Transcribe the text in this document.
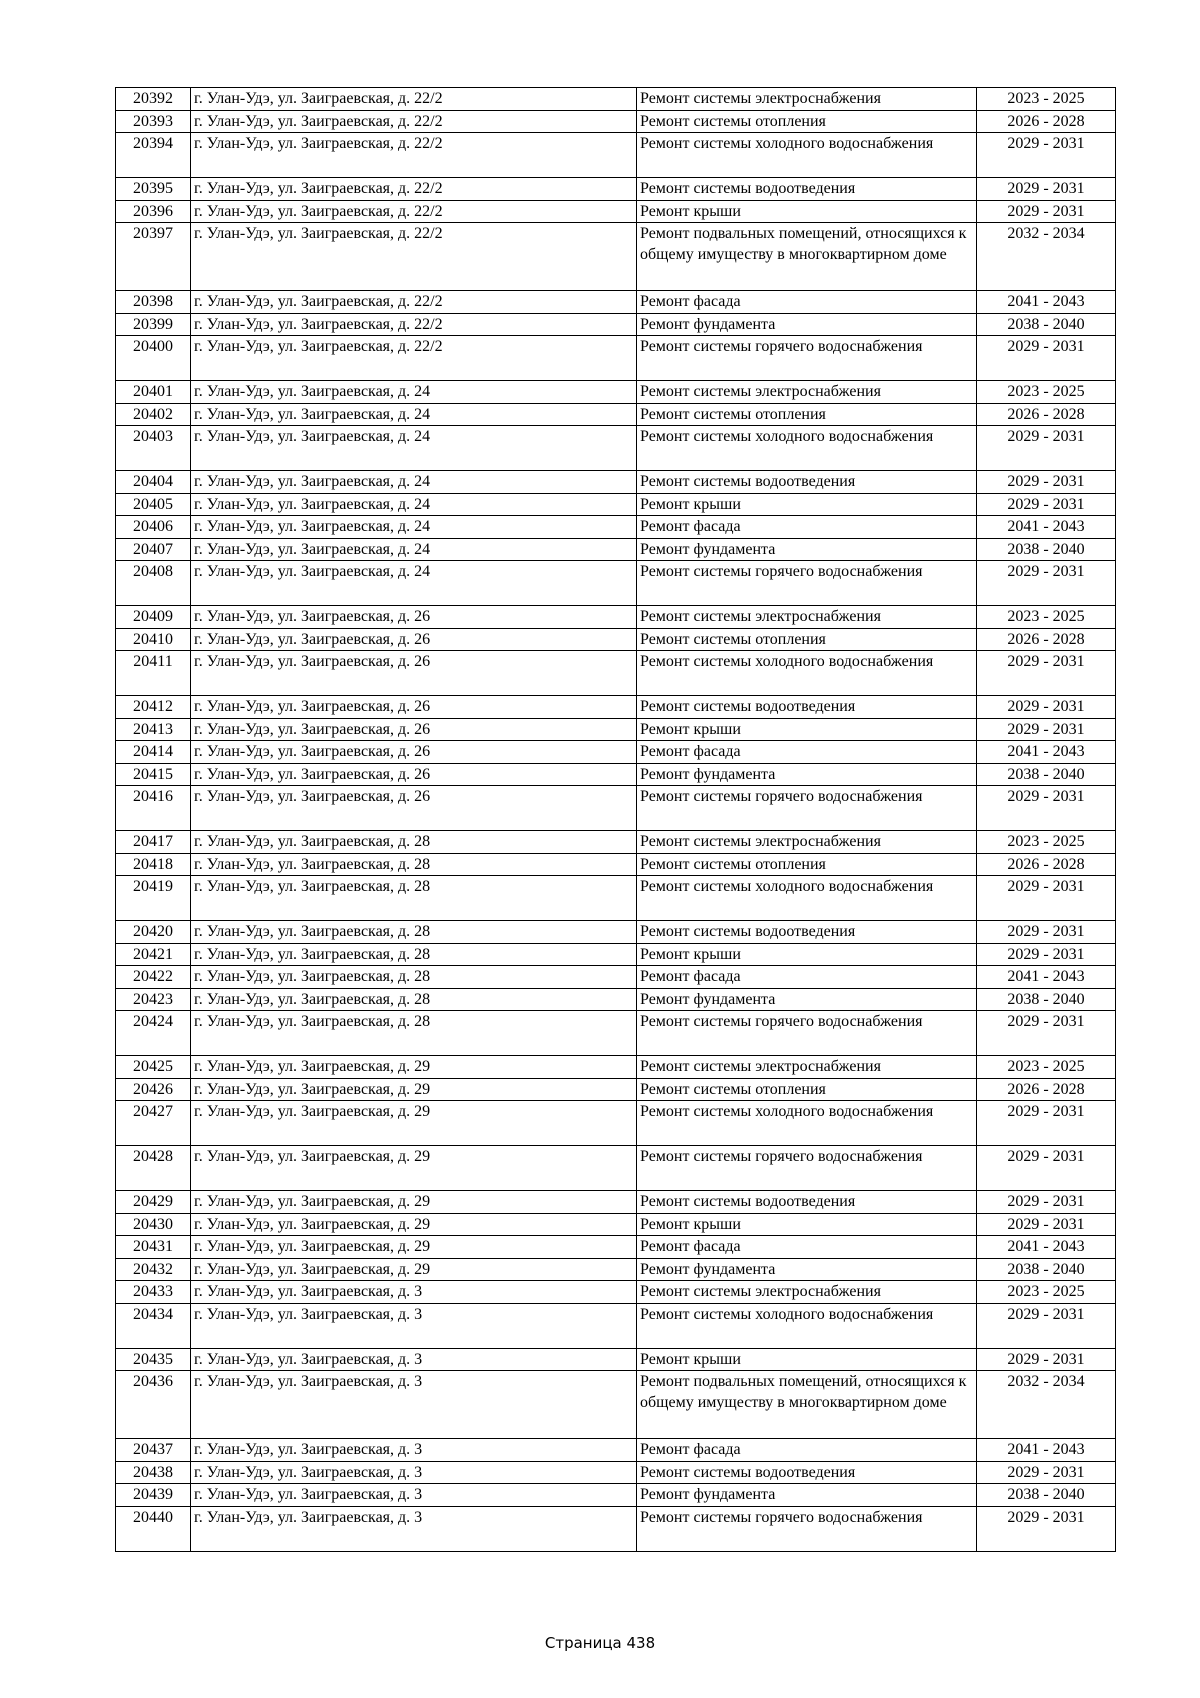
20392	г. Улан-Удэ, ул. Заиграевская, д. 22/2	Ремонт системы электроснабжения	2023 - 2025
20393	г. Улан-Удэ, ул. Заиграевская, д. 22/2	Ремонт системы отопления	2026 - 2028
20394	г. Улан-Удэ, ул. Заиграевская, д. 22/2	Ремонт системы холодного водоснабжения	2029 - 2031
20395	г. Улан-Удэ, ул. Заиграевская, д. 22/2	Ремонт системы водоотведения	2029 - 2031
20396	г. Улан-Удэ, ул. Заиграевская, д. 22/2	Ремонт крыши	2029 - 2031
20397	г. Улан-Удэ, ул. Заиграевская, д. 22/2	Ремонт подвальных помещений, относящихся к общему имуществу в многоквартирном доме	2032 - 2034
20398	г. Улан-Удэ, ул. Заиграевская, д. 22/2	Ремонт фасада	2041 - 2043
20399	г. Улан-Удэ, ул. Заиграевская, д. 22/2	Ремонт фундамента	2038 - 2040
20400	г. Улан-Удэ, ул. Заиграевская, д. 22/2	Ремонт системы горячего водоснабжения	2029 - 2031
20401	г. Улан-Удэ, ул. Заиграевская, д. 24	Ремонт системы электроснабжения	2023 - 2025
20402	г. Улан-Удэ, ул. Заиграевская, д. 24	Ремонт системы отопления	2026 - 2028
20403	г. Улан-Удэ, ул. Заиграевская, д. 24	Ремонт системы холодного водоснабжения	2029 - 2031
20404	г. Улан-Удэ, ул. Заиграевская, д. 24	Ремонт системы водоотведения	2029 - 2031
20405	г. Улан-Удэ, ул. Заиграевская, д. 24	Ремонт крыши	2029 - 2031
20406	г. Улан-Удэ, ул. Заиграевская, д. 24	Ремонт фасада	2041 - 2043
20407	г. Улан-Удэ, ул. Заиграевская, д. 24	Ремонт фундамента	2038 - 2040
20408	г. Улан-Удэ, ул. Заиграевская, д. 24	Ремонт системы горячего водоснабжения	2029 - 2031
20409	г. Улан-Удэ, ул. Заиграевская, д. 26	Ремонт системы электроснабжения	2023 - 2025
20410	г. Улан-Удэ, ул. Заиграевская, д. 26	Ремонт системы отопления	2026 - 2028
20411	г. Улан-Удэ, ул. Заиграевская, д. 26	Ремонт системы холодного водоснабжения	2029 - 2031
20412	г. Улан-Удэ, ул. Заиграевская, д. 26	Ремонт системы водоотведения	2029 - 2031
20413	г. Улан-Удэ, ул. Заиграевская, д. 26	Ремонт крыши	2029 - 2031
20414	г. Улан-Удэ, ул. Заиграевская, д. 26	Ремонт фасада	2041 - 2043
20415	г. Улан-Удэ, ул. Заиграевская, д. 26	Ремонт фундамента	2038 - 2040
20416	г. Улан-Удэ, ул. Заиграевская, д. 26	Ремонт системы горячего водоснабжения	2029 - 2031
20417	г. Улан-Удэ, ул. Заиграевская, д. 28	Ремонт системы электроснабжения	2023 - 2025
20418	г. Улан-Удэ, ул. Заиграевская, д. 28	Ремонт системы отопления	2026 - 2028
20419	г. Улан-Удэ, ул. Заиграевская, д. 28	Ремонт системы холодного водоснабжения	2029 - 2031
20420	г. Улан-Удэ, ул. Заиграевская, д. 28	Ремонт системы водоотведения	2029 - 2031
20421	г. Улан-Удэ, ул. Заиграевская, д. 28	Ремонт крыши	2029 - 2031
20422	г. Улан-Удэ, ул. Заиграевская, д. 28	Ремонт фасада	2041 - 2043
20423	г. Улан-Удэ, ул. Заиграевская, д. 28	Ремонт фундамента	2038 - 2040
20424	г. Улан-Удэ, ул. Заиграевская, д. 28	Ремонт системы горячего водоснабжения	2029 - 2031
20425	г. Улан-Удэ, ул. Заиграевская, д. 29	Ремонт системы электроснабжения	2023 - 2025
20426	г. Улан-Удэ, ул. Заиграевская, д. 29	Ремонт системы отопления	2026 - 2028
20427	г. Улан-Удэ, ул. Заиграевская, д. 29	Ремонт системы холодного водоснабжения	2029 - 2031
20428	г. Улан-Удэ, ул. Заиграевская, д. 29	Ремонт системы горячего водоснабжения	2029 - 2031
20429	г. Улан-Удэ, ул. Заиграевская, д. 29	Ремонт системы водоотведения	2029 - 2031
20430	г. Улан-Удэ, ул. Заиграевская, д. 29	Ремонт крыши	2029 - 2031
20431	г. Улан-Удэ, ул. Заиграевская, д. 29	Ремонт фасада	2041 - 2043
20432	г. Улан-Удэ, ул. Заиграевская, д. 29	Ремонт фундамента	2038 - 2040
20433	г. Улан-Удэ, ул. Заиграевская, д. 3	Ремонт системы электроснабжения	2023 - 2025
20434	г. Улан-Удэ, ул. Заиграевская, д. 3	Ремонт системы холодного водоснабжения	2029 - 2031
20435	г. Улан-Удэ, ул. Заиграевская, д. 3	Ремонт крыши	2029 - 2031
20436	г. Улан-Удэ, ул. Заиграевская, д. 3	Ремонт подвальных помещений, относящихся к общему имуществу в многоквартирном доме	2032 - 2034
20437	г. Улан-Удэ, ул. Заиграевская, д. 3	Ремонт фасада	2041 - 2043
20438	г. Улан-Удэ, ул. Заиграевская, д. 3	Ремонт системы водоотведения	2029 - 2031
20439	г. Улан-Удэ, ул. Заиграевская, д. 3	Ремонт фундамента	2038 - 2040
20440	г. Улан-Удэ, ул. Заиграевская, д. 3	Ремонт системы горячего водоснабжения	2029 - 2031
Страница 438
